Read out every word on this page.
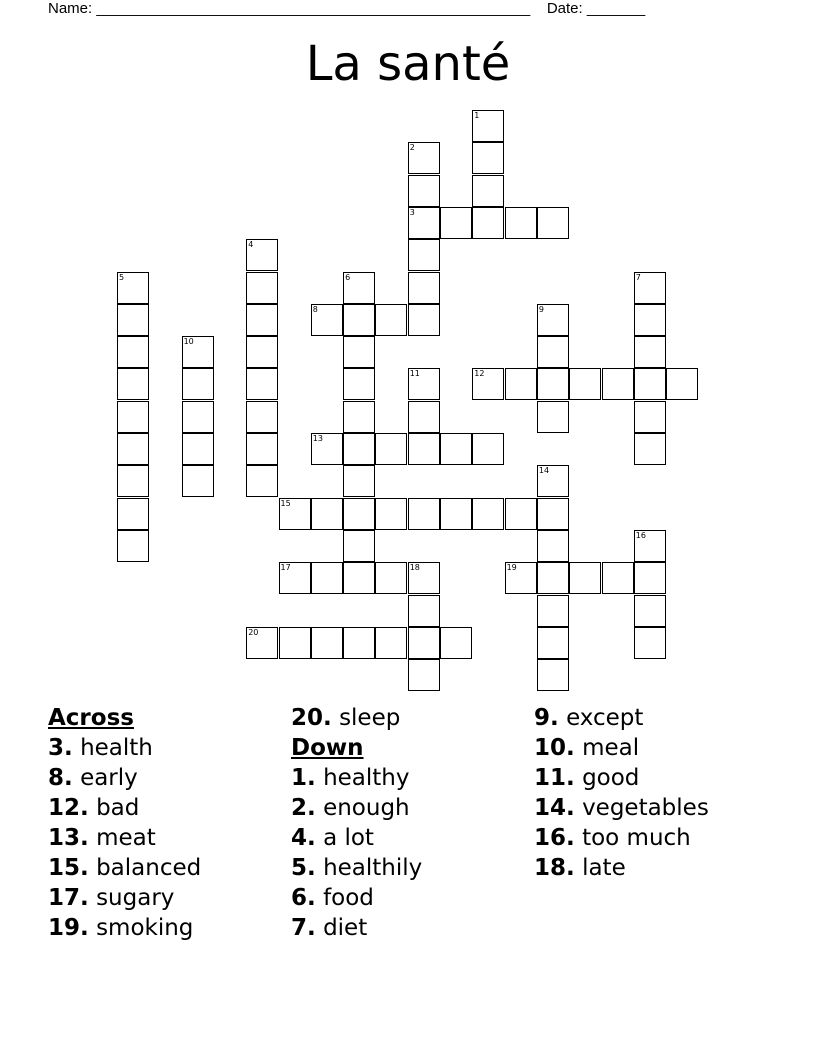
Name: ____________________________________________________ Date: _______
La santé
1
2
3
4
5	6	7
8	9
10
11	12
13
14
15
16
17	18	19
20
Across
3. health
8. early
12. bad
13. meat
15. balanced
17. sugary
19. smoking
20. sleep
Down
1. healthy
2. enough
4. a lot
5. healthily
6. food
7. diet
9. except
10. meal
11. good
14. vegetables
16. too much
18. late
